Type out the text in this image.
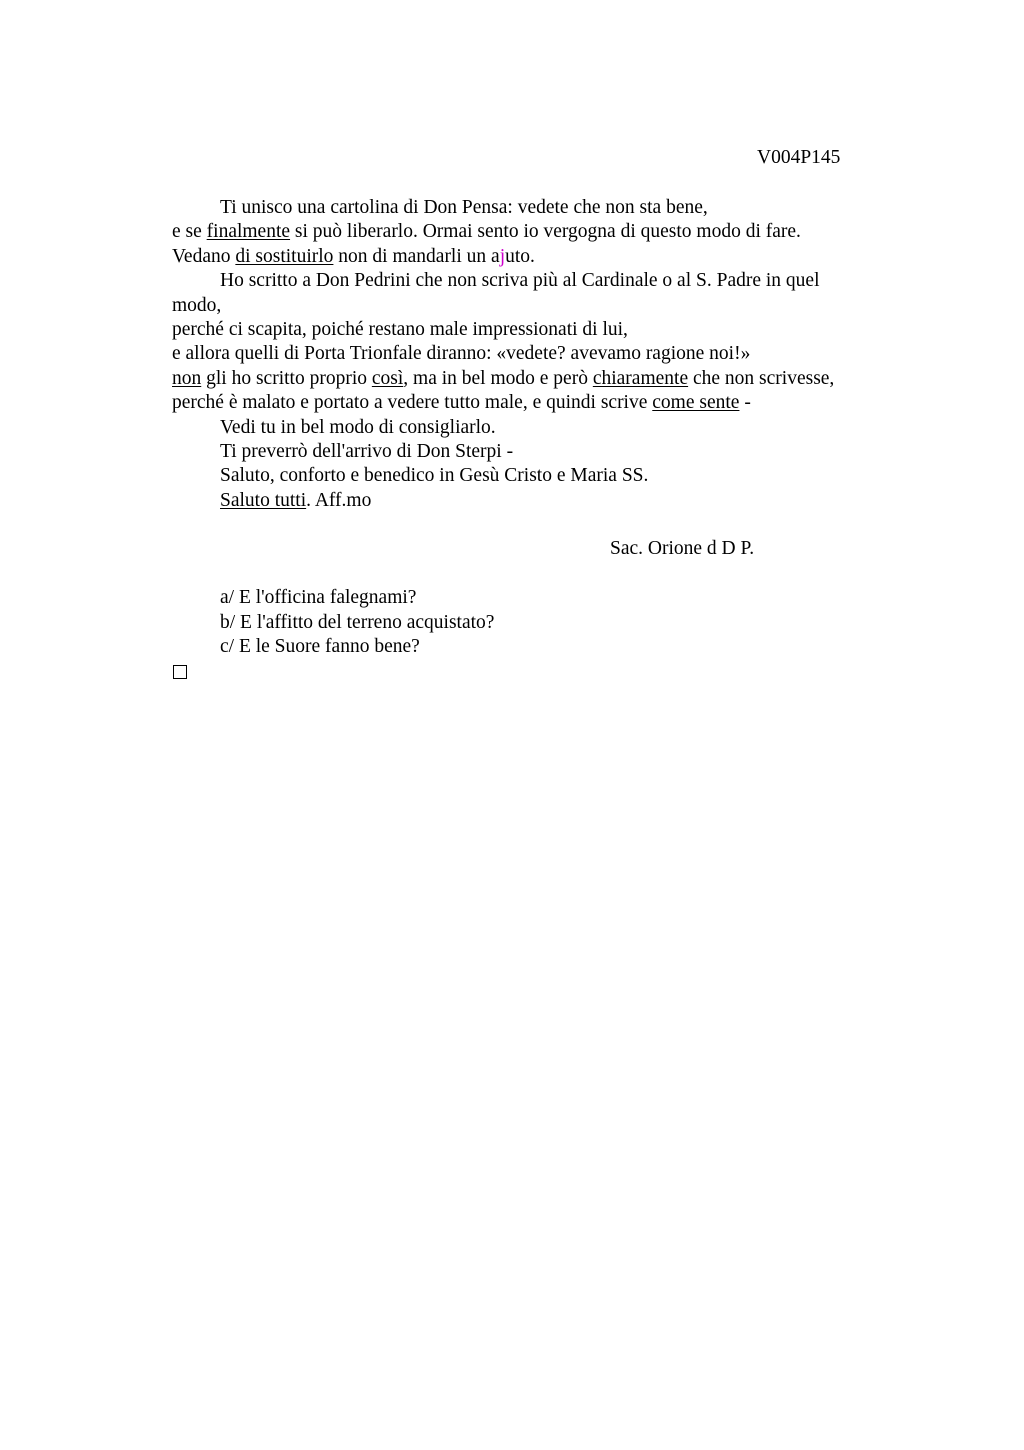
V004P145
Ti unisco una cartolina di Don Pensa: vedete che non sta bene,
e se finalmente si può liberarlo. Ormai sento io vergogna di questo modo di fare.
Vedano di sostituirlo non di mandarli un ajuto.
Ho scritto a Don Pedrini che non scriva più al Cardinale o al S. Padre in quel
modo,
perché ci scapita, poiché restano male impressionati di lui,
e allora quelli di Porta Trionfale diranno: «vedete? avevamo ragione noi!»
non gli ho scritto proprio così, ma in bel modo e però chiaramente che non scrivesse,
perché è malato e portato a vedere tutto male, e quindi scrive come sente -
Vedi tu in bel modo di consigliarlo.
Ti preverrò dell'arrivo di Don Sterpi -
Saluto, conforto e benedico in Gesù Cristo e Maria SS.
Saluto tutti. Aff.mo
Sac. Orione d D P.
a/ E l'officina falegnami?
b/ E l'affitto del terreno acquistato?
c/ E le Suore fanno bene?
